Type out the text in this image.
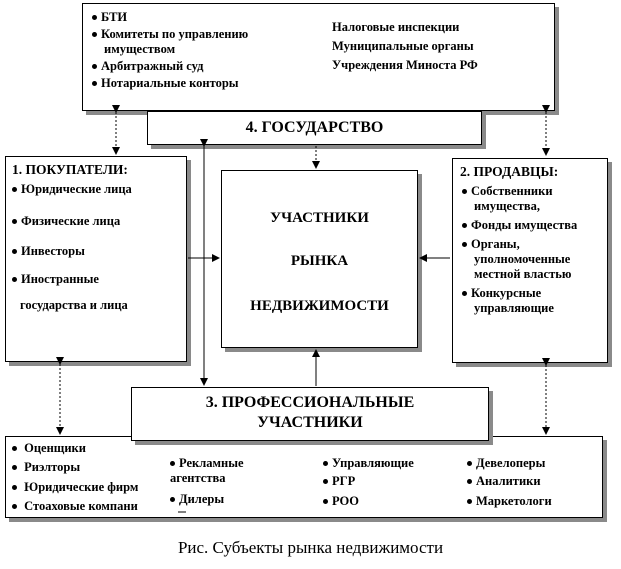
БТИ
Комитеты по управлению имуществом
Арбитражный суд
Нотариальные конторы
Налоговые инспекции
Муниципальные органы
Учреждения Миноста РФ
4. ГОСУДАРСТВО
1. ПОКУПАТЕЛИ:
Юридические лица
Физические лица
Инвесторы
Иностранные
государства и лица
УЧАСТНИКИ
РЫНКА
НЕДВИЖИМОСТИ
2. ПРОДАВЦЫ:
Собственники имущества,
Фонды имущества
Органы, уполномоченные местной властью
Конкурсные управляющие
3. ПРОФЕССИОНАЛЬНЫЕ
УЧАСТНИКИ
Оценщики
Риэлторы
Юридические фирм
Стоаховые компани
Рекламные агентства
Дилеры
Управляющие
РГР
РОО
Девелоперы
Аналитики
Маркетологи
Рис. Субъекты рынка недвижимости
